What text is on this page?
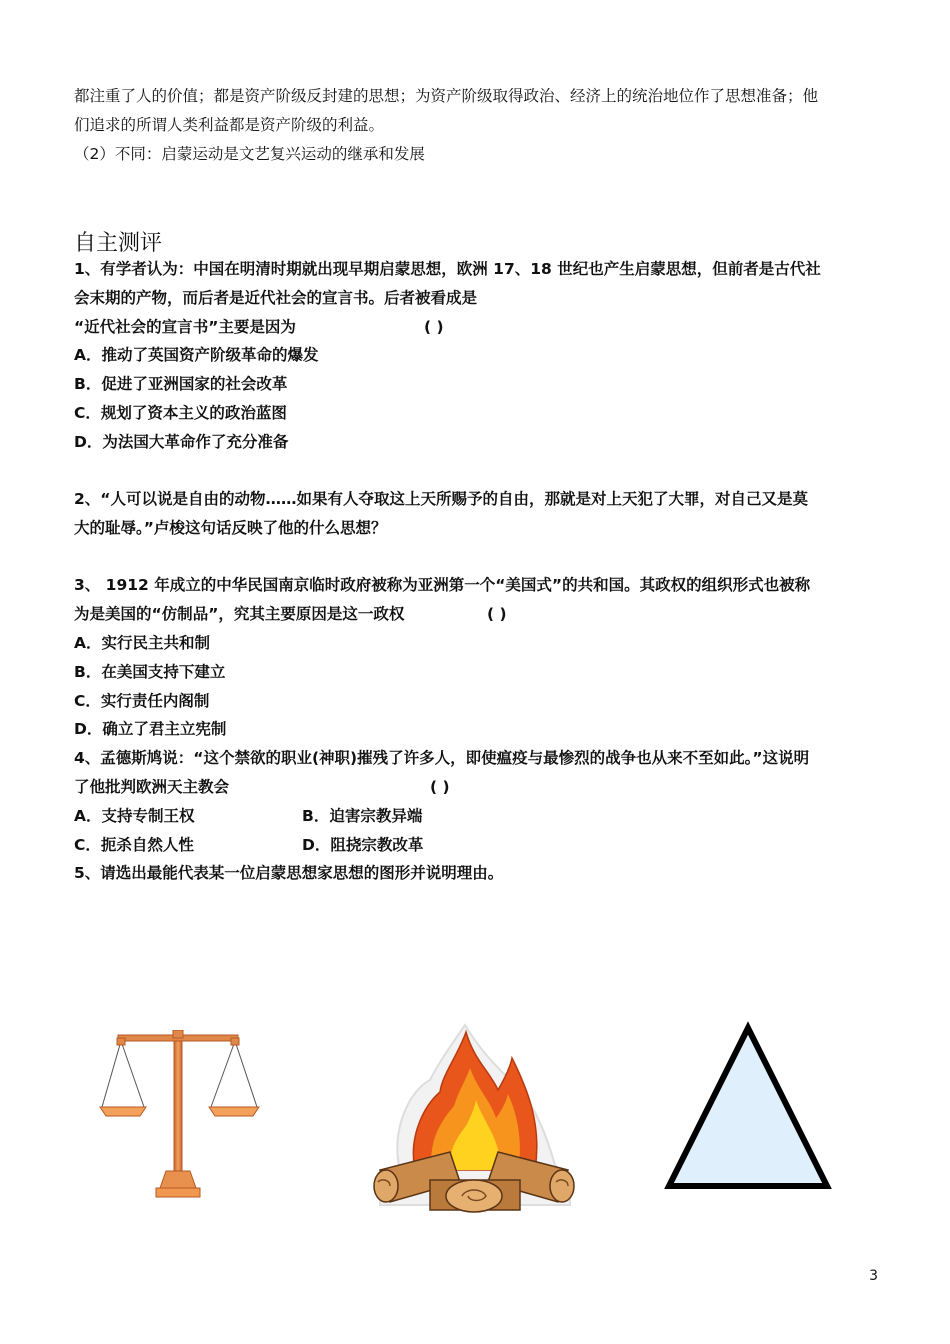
都注重了人的价值；都是资产阶级反封建的思想；为资产阶级取得政治、经济上的统治地位作了思想准备；他
们追求的所谓人类利益都是资产阶级的利益。
（2）不同：启蒙运动是文艺复兴运动的继承和发展
自主测评
1、有学者认为：中国在明清时期就出现早期启蒙思想，欧洲 17、18 世纪也产生启蒙思想，但前者是古代社
会末期的产物，而后者是近代社会的宣言书。后者被看成是
“近代社会的宣言书”主要是因为	( )
A．推动了英国资产阶级革命的爆发
B．促进了亚洲国家的社会改革
C．规划了资本主义的政治蓝图
D．为法国大革命作了充分准备
2、“人可以说是自由的动物……如果有人夺取这上天所赐予的自由，那就是对上天犯了大罪，对自己又是莫
大的耻辱。”卢梭这句话反映了他的什么思想？
3、 1912 年成立的中华民国南京临时政府被称为亚洲第一个“美国式”的共和国。其政权的组织形式也被称
为是美国的“仿制品”，究其主要原因是这一政权	( )
A．实行民主共和制
B．在美国支持下建立
C．实行责任内阁制
D．确立了君主立宪制
4、孟德斯鸠说：“这个禁欲的职业(神职)摧残了许多人，即使瘟疫与最惨烈的战争也从来不至如此。”这说明
了他批判欧洲天主教会	( )
A．支持专制王权	B．迫害宗教异端
C．扼杀自然人性	D．阻挠宗教改革
5、请选出最能代表某一位启蒙思想家思想的图形并说明理由。
3
